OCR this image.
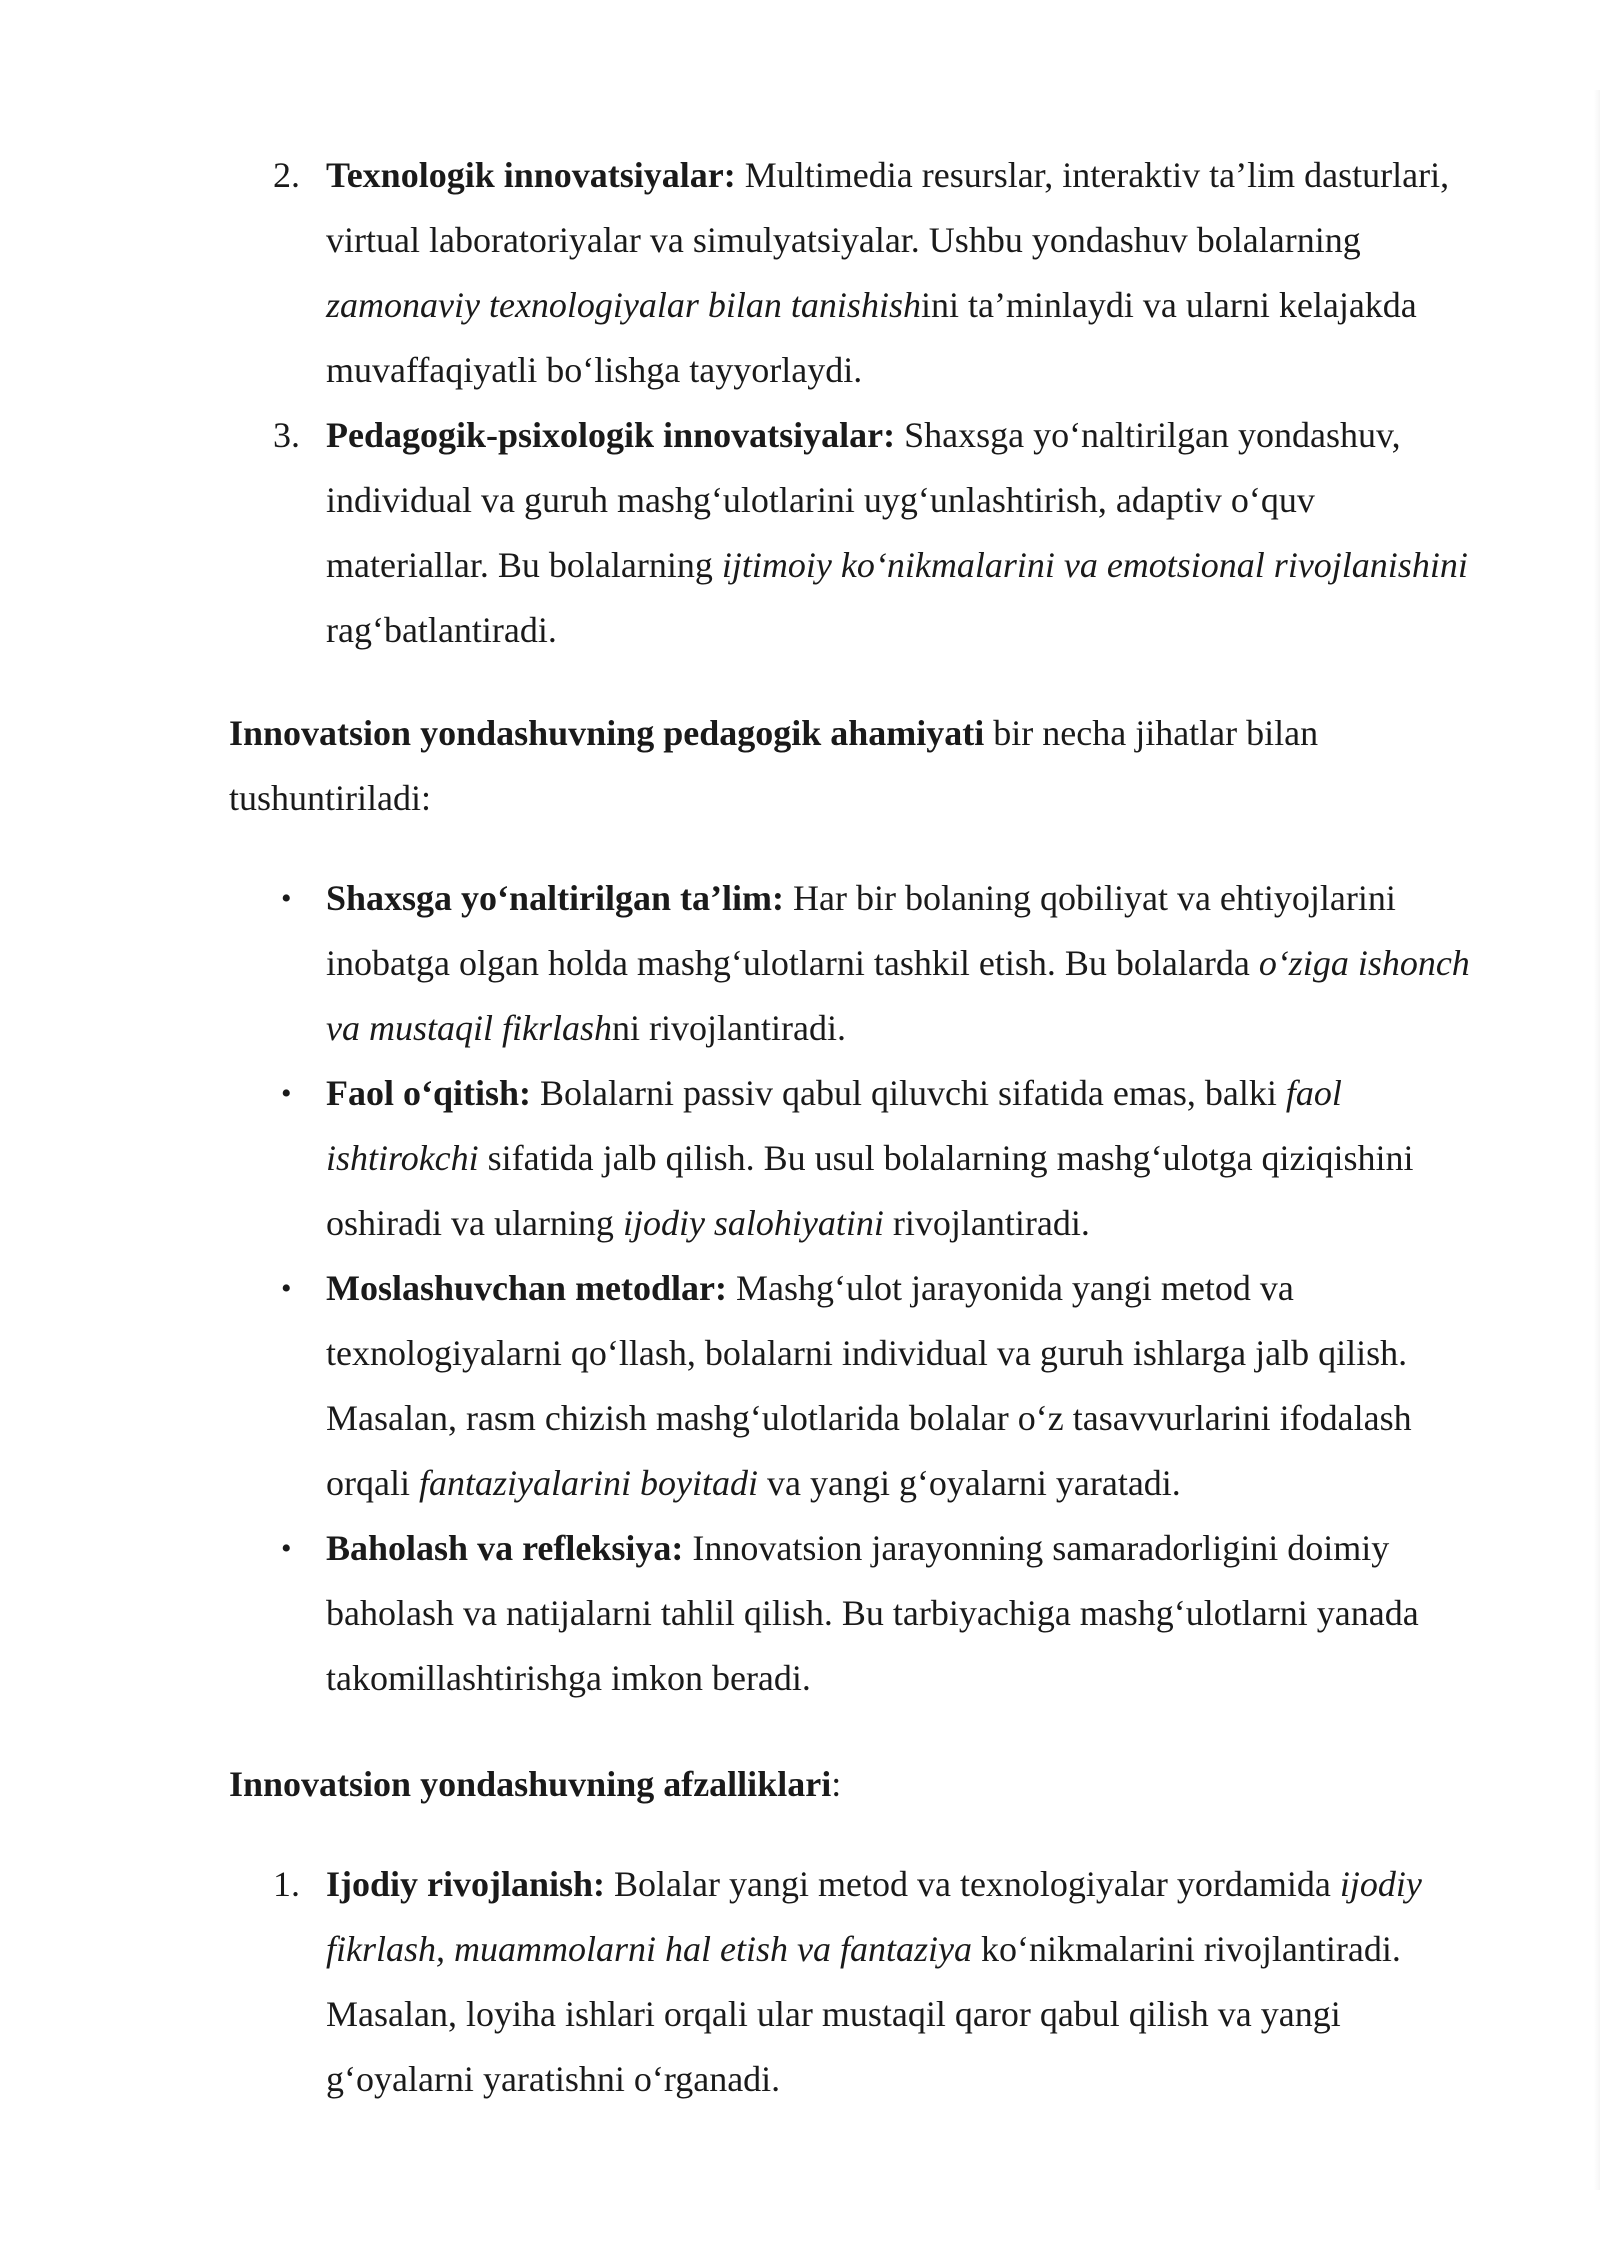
2. Texnologik innovatsiyalar: Multimedia resurslar, interaktiv ta’lim dasturlari, virtual laboratoriyalar va simulyatsiyalar. Ushbu yondashuv bolalarning zamonaviy texnologiyalar bilan tanishishini ta’minlaydi va ularni kelajakda muvaffaqiyatli bo‘lishga tayyorlaydi.
3. Pedagogik-psixologik innovatsiyalar: Shaxsga yo‘naltirilgan yondashuv, individual va guruh mashg‘ulotlarini uyg‘unlashtirish, adaptiv o‘quv materiallar. Bu bolalarning ijtimoiy ko‘nikmalarini va emotsional rivojlanishini rag‘batlantiradi.

Innovatsion yondashuvning pedagogik ahamiyati bir necha jihatlar bilan tushuntiriladi:

• Shaxsga yo‘naltirilgan ta’lim: Har bir bolaning qobiliyat va ehtiyojlarini inobatga olgan holda mashg‘ulotlarni tashkil etish. Bu bolalarda o‘ziga ishonch va mustaqil fikrlashni rivojlantiradi.
• Faol o‘qitish: Bolalarni passiv qabul qiluvchi sifatida emas, balki faol ishtirokchi sifatida jalb qilish. Bu usul bolalarning mashg‘ulotga qiziqishini oshiradi va ularning ijodiy salohiyatini rivojlantiradi.
• Moslashuvchan metodlar: Mashg‘ulot jarayonida yangi metod va texnologiyalarni qo‘llash, bolalarni individual va guruh ishlarga jalb qilish. Masalan, rasm chizish mashg‘ulotlarida bolalar o‘z tasavvurlarini ifodalash orqali fantaziyalarini boyitadi va yangi g‘oyalarni yaratadi.
• Baholash va refleksiya: Innovatsion jarayonning samaradorligini doimiy baholash va natijalarni tahlil qilish. Bu tarbiyachiga mashg‘ulotlarni yanada takomillashtirishga imkon beradi.

Innovatsion yondashuvning afzalliklari:

1. Ijodiy rivojlanish: Bolalar yangi metod va texnologiyalar yordamida ijodiy fikrlash, muammolarni hal etish va fantaziya ko‘nikmalarini rivojlantiradi. Masalan, loyiha ishlari orqali ular mustaqil qaror qabul qilish va yangi g‘oyalarni yaratishni o‘rganadi.
